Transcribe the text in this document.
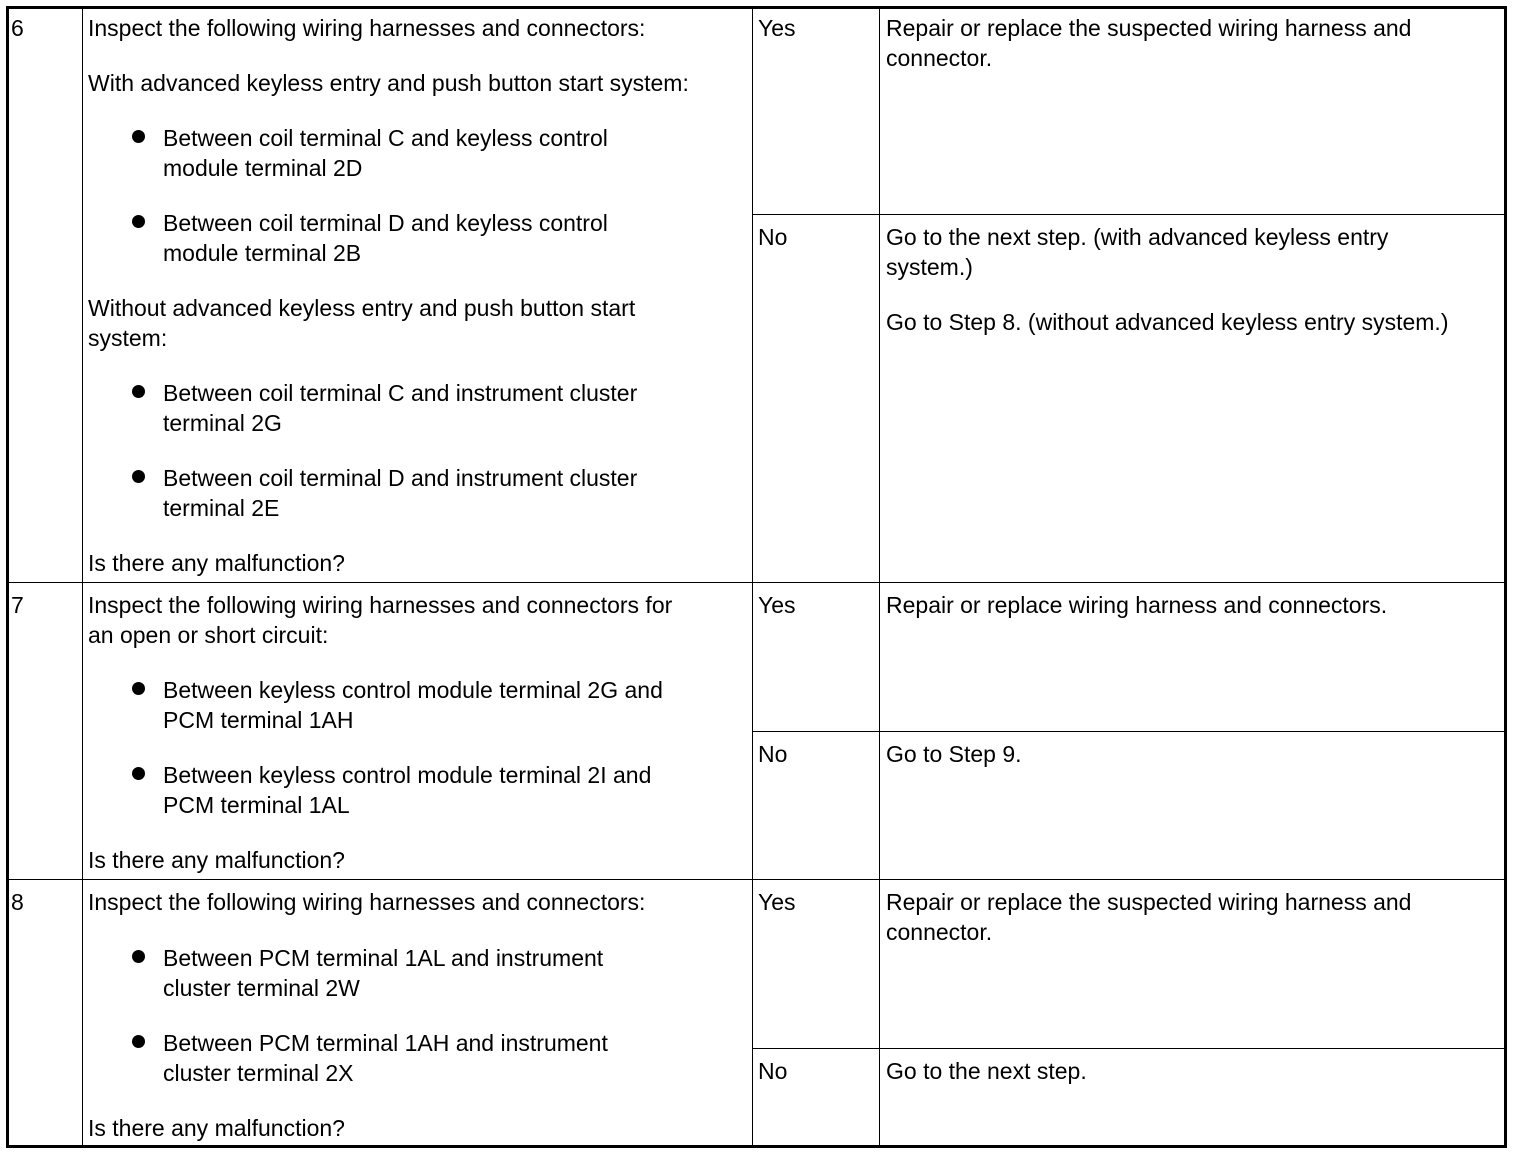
6	Inspect the following wiring harnesses and connectors:
With advanced keyless entry and push button start system:
Between coil terminal C and keyless control
module terminal 2D
Between coil terminal D and keyless control
module terminal 2B
Without advanced keyless entry and push button start
system:
Between coil terminal C and instrument cluster
terminal 2G
Between coil terminal D and instrument cluster
terminal 2E
Is there any malfunction?
Yes	Repair or replace the suspected wiring harness and
connector.
No	Go to the next step. (with advanced keyless entry
system.)
Go to Step 8. (without advanced keyless entry system.)
7	Inspect the following wiring harnesses and connectors for
an open or short circuit:
Between keyless control module terminal 2G and
PCM terminal 1AH
Between keyless control module terminal 2I and
PCM terminal 1AL
Is there any malfunction?
Yes	Repair or replace wiring harness and connectors.
No	Go to Step 9.
8	Inspect the following wiring harnesses and connectors:
Between PCM terminal 1AL and instrument
cluster terminal 2W
Between PCM terminal 1AH and instrument
cluster terminal 2X
Is there any malfunction?
Yes	Repair or replace the suspected wiring harness and
connector.
No	Go to the next step.
